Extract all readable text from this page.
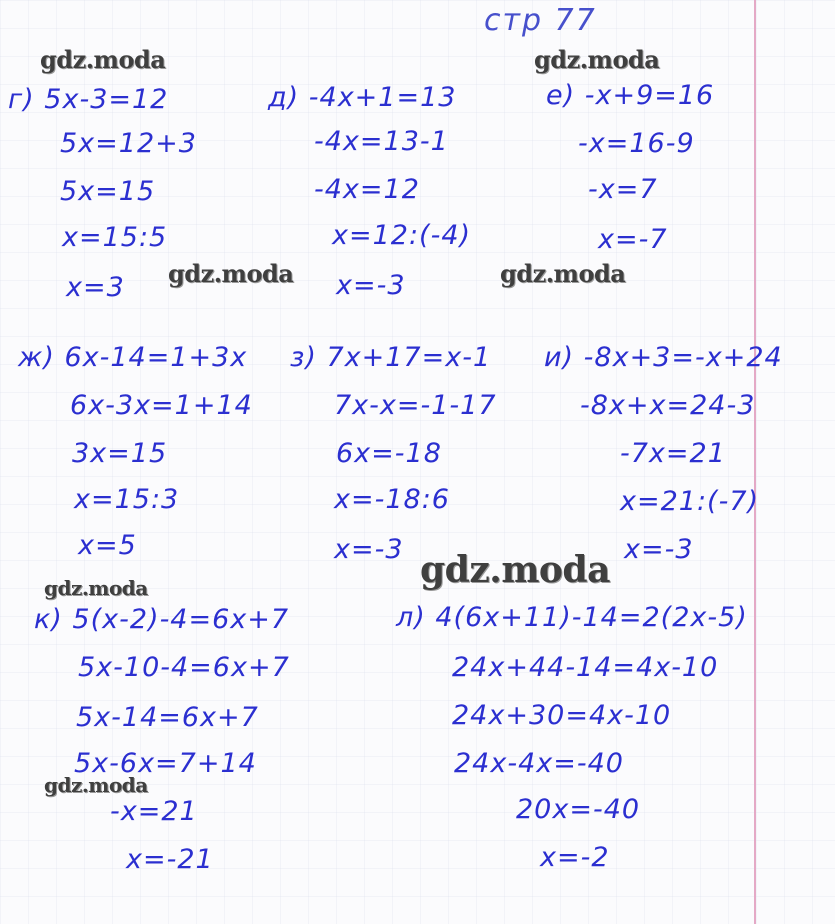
стр 77
gdz.moda	gdz.moda
gdz.moda	gdz.moda
gdz.moda
gdz.moda
gdz.moda
г) 5x-3=12
5x=12+3
5x=15
x=15:5
x=3
д) -4x+1=13
-4x=13-1
-4x=12
x=12:(-4)
x=-3
е) -x+9=16
-x=16-9
-x=7
x=-7
ж) 6x-14=1+3x
6x-3x=1+14
3x=15
x=15:3
x=5
з) 7x+17=x-1
7x-x=-1-17
6x=-18
x=-18:6
x=-3
и) -8x+3=-x+24
-8x+x=24-3
-7x=21
x=21:(-7)
x=-3
к) 5(x-2)-4=6x+7
5x-10-4=6x+7
5x-14=6x+7
5x-6x=7+14
-x=21
x=-21
л) 4(6x+11)-14=2(2x-5)
24x+44-14=4x-10
24x+30=4x-10
24x-4x=-40
20x=-40
x=-2
